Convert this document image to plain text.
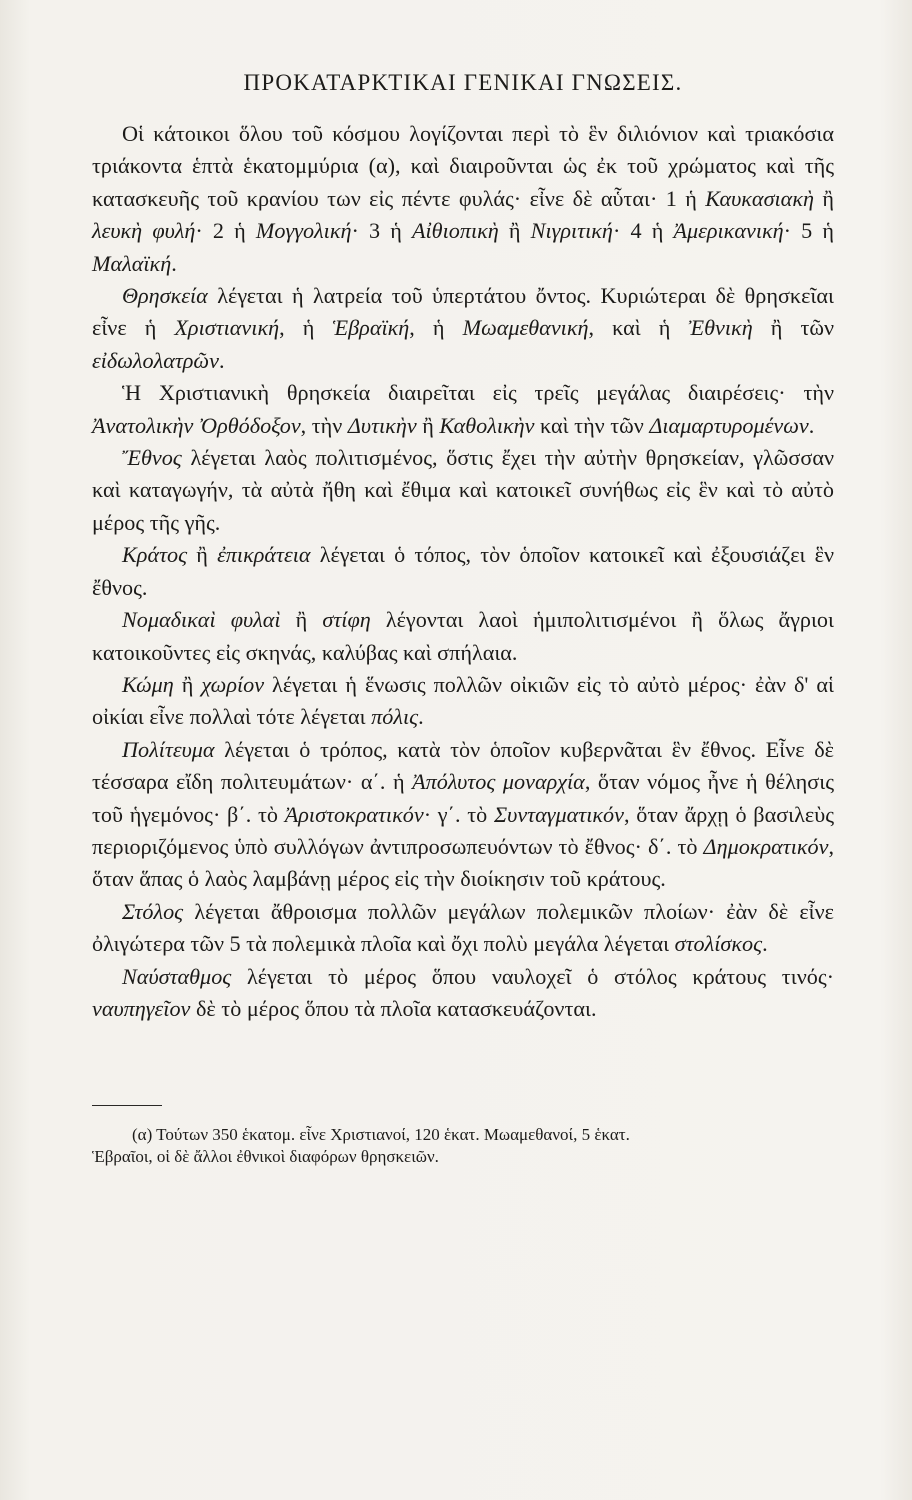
ΠΡΟΚΑΤΑΡΚΤΙΚΑΙ ΓΕΝΙΚΑΙ ΓΝΩΣΕΙΣ.

Οἱ κάτοικοι ὅλου τοῦ κόσμου λογίζονται περὶ τὸ ἓν διλιόνιον καὶ τριακόσια τριάκοντα ἑπτὰ ἑκατομμύρια (α), καὶ διαιροῦνται ὡς ἐκ τοῦ χρώματος καὶ τῆς κατασκευῆς τοῦ κρανίου των εἰς πέντε φυλάς· εἶνε δὲ αὗται· 1 ἡ Καυκασιακὴ ἢ λευκὴ φυλή· 2 ἡ Μογγολική· 3 ἡ Αἰθιοπικὴ ἢ Νιγριτική· 4 ἡ Ἀμερικανική· 5 ἡ Μαλαϊκή.

Θρησκεία λέγεται ἡ λατρεία τοῦ ὑπερτάτου ὄντος. Κυριώτεραι δὲ θρησκεῖαι εἶνε ἡ Χριστιανική, ἡ Ἑβραϊκή, ἡ Μωαμεθανική, καὶ ἡ Ἐθνικὴ ἢ τῶν εἰδωλολατρῶν.

Ἡ Χριστιανικὴ θρησκεία διαιρεῖται εἰς τρεῖς μεγάλας διαιρέσεις· τὴν Ἀνατολικὴν Ὀρθόδοξον, τὴν Δυτικὴν ἢ Καθολικὴν καὶ τὴν τῶν Διαμαρτυρομένων.

Ἔθνος λέγεται λαὸς πολιτισμένος, ὅστις ἔχει τὴν αὐτὴν θρησκείαν, γλῶσσαν καὶ καταγωγήν, τὰ αὐτὰ ἤθη καὶ ἔθιμα καὶ κατοικεῖ συνήθως εἰς ἓν καὶ τὸ αὐτὸ μέρος τῆς γῆς.

Κράτος ἢ ἐπικράτεια λέγεται ὁ τόπος, τὸν ὁποῖον κατοικεῖ καὶ ἐξουσιάζει ἓν ἔθνος.

Νομαδικαὶ φυλαὶ ἢ στίφη λέγονται λαοὶ ἡμιπολιτισμένοι ἢ ὅλως ἄγριοι κατοικοῦντες εἰς σκηνάς, καλύβας καὶ σπήλαια.

Κώμη ἢ χωρίον λέγεται ἡ ἕνωσις πολλῶν οἰκιῶν εἰς τὸ αὐτὸ μέρος· ἐὰν δ' αἱ οἰκίαι εἶνε πολλαὶ τότε λέγεται πόλις.

Πολίτευμα λέγεται ὁ τρόπος, κατὰ τὸν ὁποῖον κυβερνᾶται ἓν ἔθνος. Εἶνε δὲ τέσσαρα εἴδη πολιτευμάτων· α΄. ἡ Ἀπόλυτος μοναρχία, ὅταν νόμος ἦνε ἡ θέλησις τοῦ ἡγεμόνος· β΄. τὸ Ἀριστοκρατικόν· γ΄. τὸ Συνταγματικόν, ὅταν ἄρχῃ ὁ βασιλεὺς περιοριζόμενος ὑπὸ συλλόγων ἀντιπροσωπευόντων τὸ ἔθνος· δ΄. τὸ Δημοκρατικόν, ὅταν ἅπας ὁ λαὸς λαμβάνῃ μέρος εἰς τὴν διοίκησιν τοῦ κράτους.

Στόλος λέγεται ἄθροισμα πολλῶν μεγάλων πολεμικῶν πλοίων· ἐὰν δὲ εἶνε ὀλιγώτερα τῶν 5 τὰ πολεμικὰ πλοῖα καὶ ὄχι πολὺ μεγάλα λέγεται στολίσκος.

Ναύσταθμος λέγεται τὸ μέρος ὅπου ναυλοχεῖ ὁ στόλος κράτους τινός· ναυπηγεῖον δὲ τὸ μέρος ὅπου τὰ πλοῖα κατασκευάζονται.

(α) Τούτων 350 ἑκατομ. εἶνε Χριστιανοί, 120 ἑκατ. Μωαμεθανοί, 5 ἑκατ.
Ἑβραῖοι, οἱ δὲ ἄλλοι ἐθνικοὶ διαφόρων θρησκειῶν.
